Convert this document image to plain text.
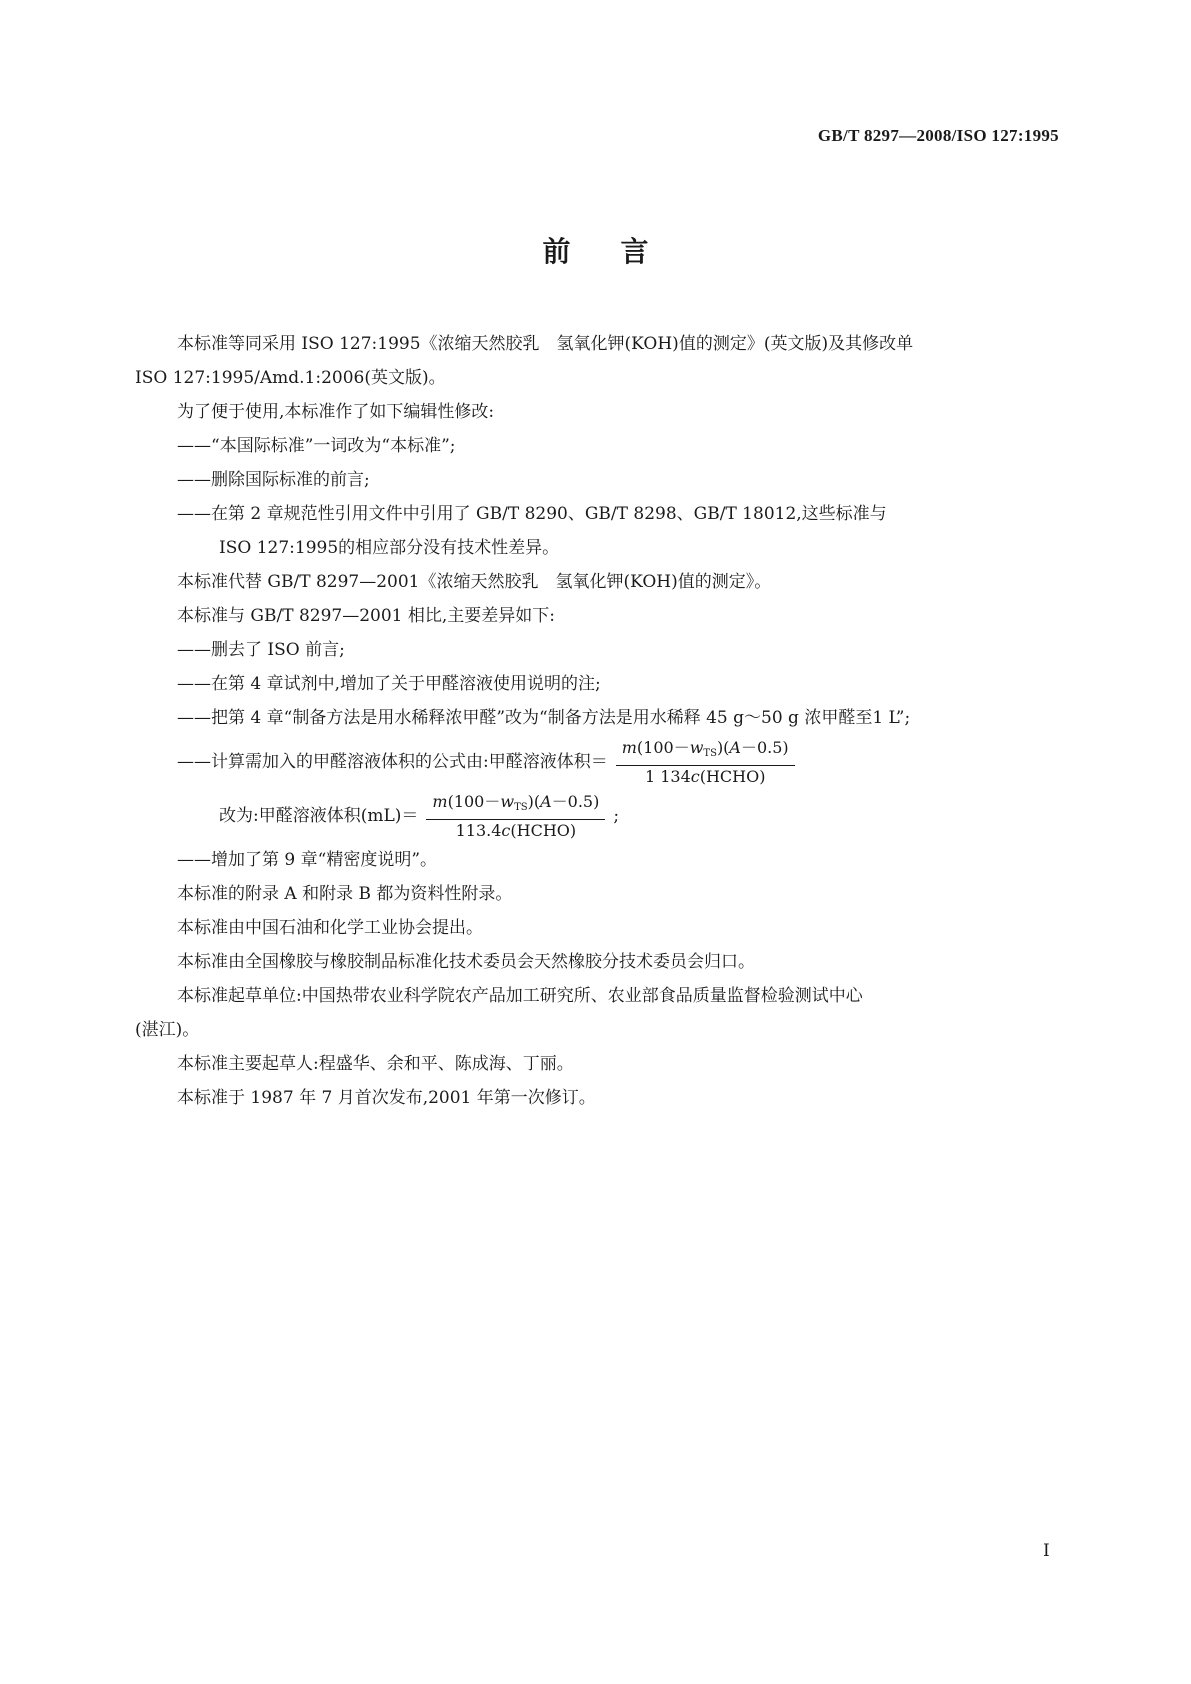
GB/T 8297—2008/ISO 127:1995
前言

本标准等同采用 ISO 127:1995《浓缩天然胶乳　氢氧化钾(KOH)值的测定》(英文版)及其修改单

ISO 127:1995/Amd.1:2006(英文版)。

为了便于使用,本标准作了如下编辑性修改:

——“本国际标准”一词改为“本标准”;

——删除国际标准的前言;

——在第 2 章规范性引用文件中引用了 GB/T 8290、GB/T 8298、GB/T 18012,这些标准与

ISO 127:1995的相应部分没有技术性差异。

本标准代替 GB/T 8297—2001《浓缩天然胶乳　氢氧化钾(KOH)值的测定》。

本标准与 GB/T 8297—2001 相比,主要差异如下:

——删去了 ISO 前言;

——在第 4 章试剂中,增加了关于甲醛溶液使用说明的注;

——把第 4 章“制备方法是用水稀释浓甲醛”改为“制备方法是用水稀释 45 g～50 g 浓甲醛至1 L”;

——计算需加入的甲醛溶液体积的公式由:甲醛溶液体积＝ $\frac{m(100-w_{TS})(A-0.5)}{\text{1 134c(HCHO)}}$
改为:甲醛溶液体积$(mL)= \frac{m(100-w_{TS})(A-0.5)}{\text{113.4c(HCHO)}}$ ;

——增加了第 9 章“精密度说明”。

本标准的附录 A 和附录 B 都为资料性附录。

本标准由中国石油和化学工业协会提出。

本标准由全国橡胶与橡胶制品标准化技术委员会天然橡胶分技术委员会归口。

本标准起草单位:中国热带农业科学院农产品加工研究所、农业部食品质量监督检验测试中心

(湛江)。

本标准主要起草人:程盛华、余和平、陈成海、丁丽。

本标准于 1987 年 7 月首次发布,2001 年第一次修订。

I
